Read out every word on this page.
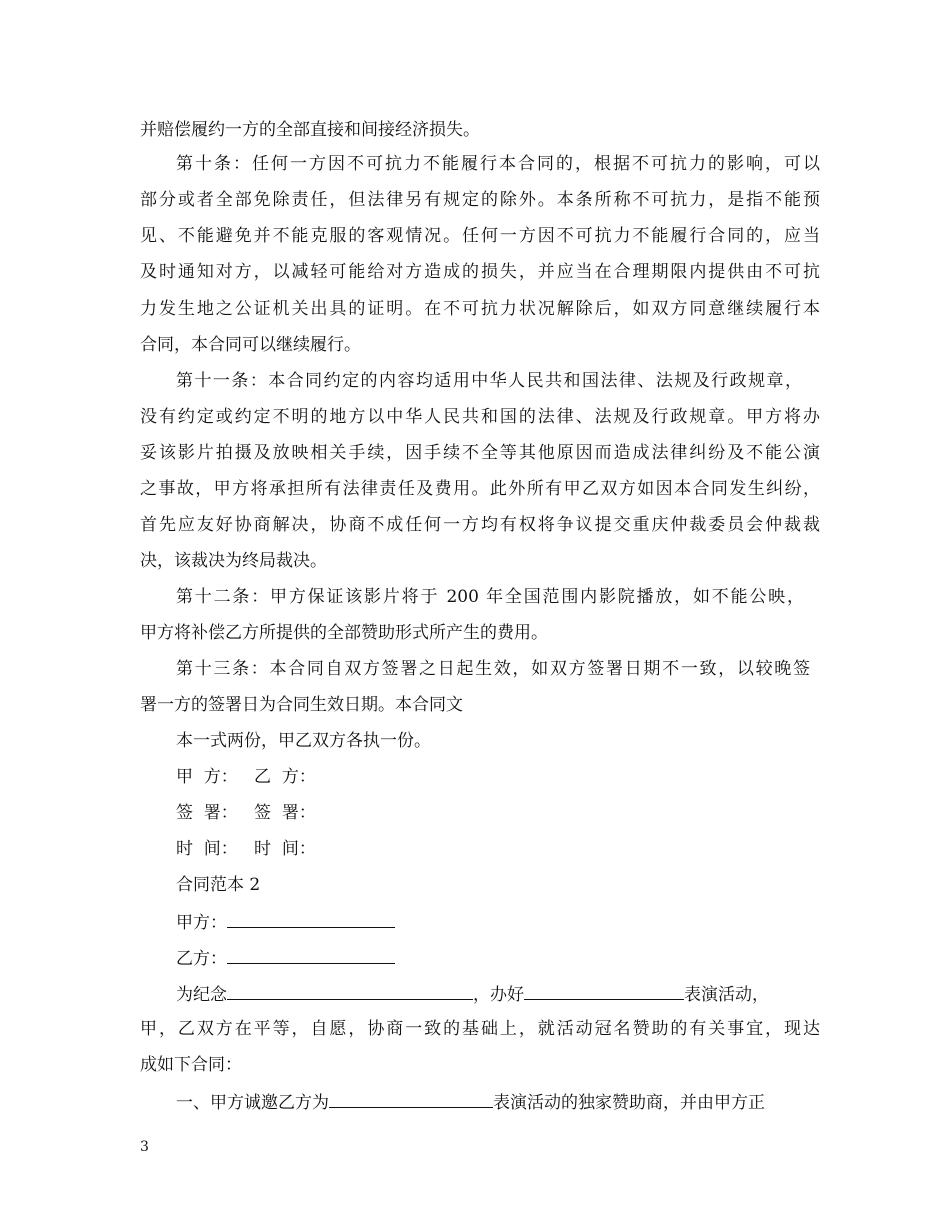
并赔偿履约一方的全部直接和间接经济损失。
第十条：任何一方因不可抗力不能履行本合同的，根据不可抗力的影响，可以
部分或者全部免除责任，但法律另有规定的除外。本条所称不可抗力，是指不能预
见、不能避免并不能克服的客观情况。任何一方因不可抗力不能履行合同的，应当
及时通知对方，以减轻可能给对方造成的损失，并应当在合理期限内提供由不可抗
力发生地之公证机关出具的证明。在不可抗力状况解除后，如双方同意继续履行本
合同，本合同可以继续履行。
第十一条：本合同约定的内容均适用中华人民共和国法律、法规及行政规章，
没有约定或约定不明的地方以中华人民共和国的法律、法规及行政规章。甲方将办
妥该影片拍摄及放映相关手续，因手续不全等其他原因而造成法律纠纷及不能公演
之事故，甲方将承担所有法律责任及费用。此外所有甲乙双方如因本合同发生纠纷，
首先应友好协商解决，协商不成任何一方均有权将争议提交重庆仲裁委员会仲裁裁
决，该裁决为终局裁决。
第十二条：甲方保证该影片将于 200 年全国范围内影院播放，如不能公映，
甲方将补偿乙方所提供的全部赞助形式所产生的费用。
第十三条：本合同自双方签署之日起生效，如双方签署日期不一致，以较晚签
署一方的签署日为合同生效日期。本合同文
本一式两份，甲乙双方各执一份。
甲  方：   乙  方：
签  署：   签  署：
时  间：   时  间：
合同范本 2
甲方：
乙方：
为纪念	，办好	表演活动，
甲，乙双方在平等，自愿，协商一致的基础上，就活动冠名赞助的有关事宜，现达
成如下合同：
一、甲方诚邀乙方为	表演活动的独家赞助商，并由甲方正
3
